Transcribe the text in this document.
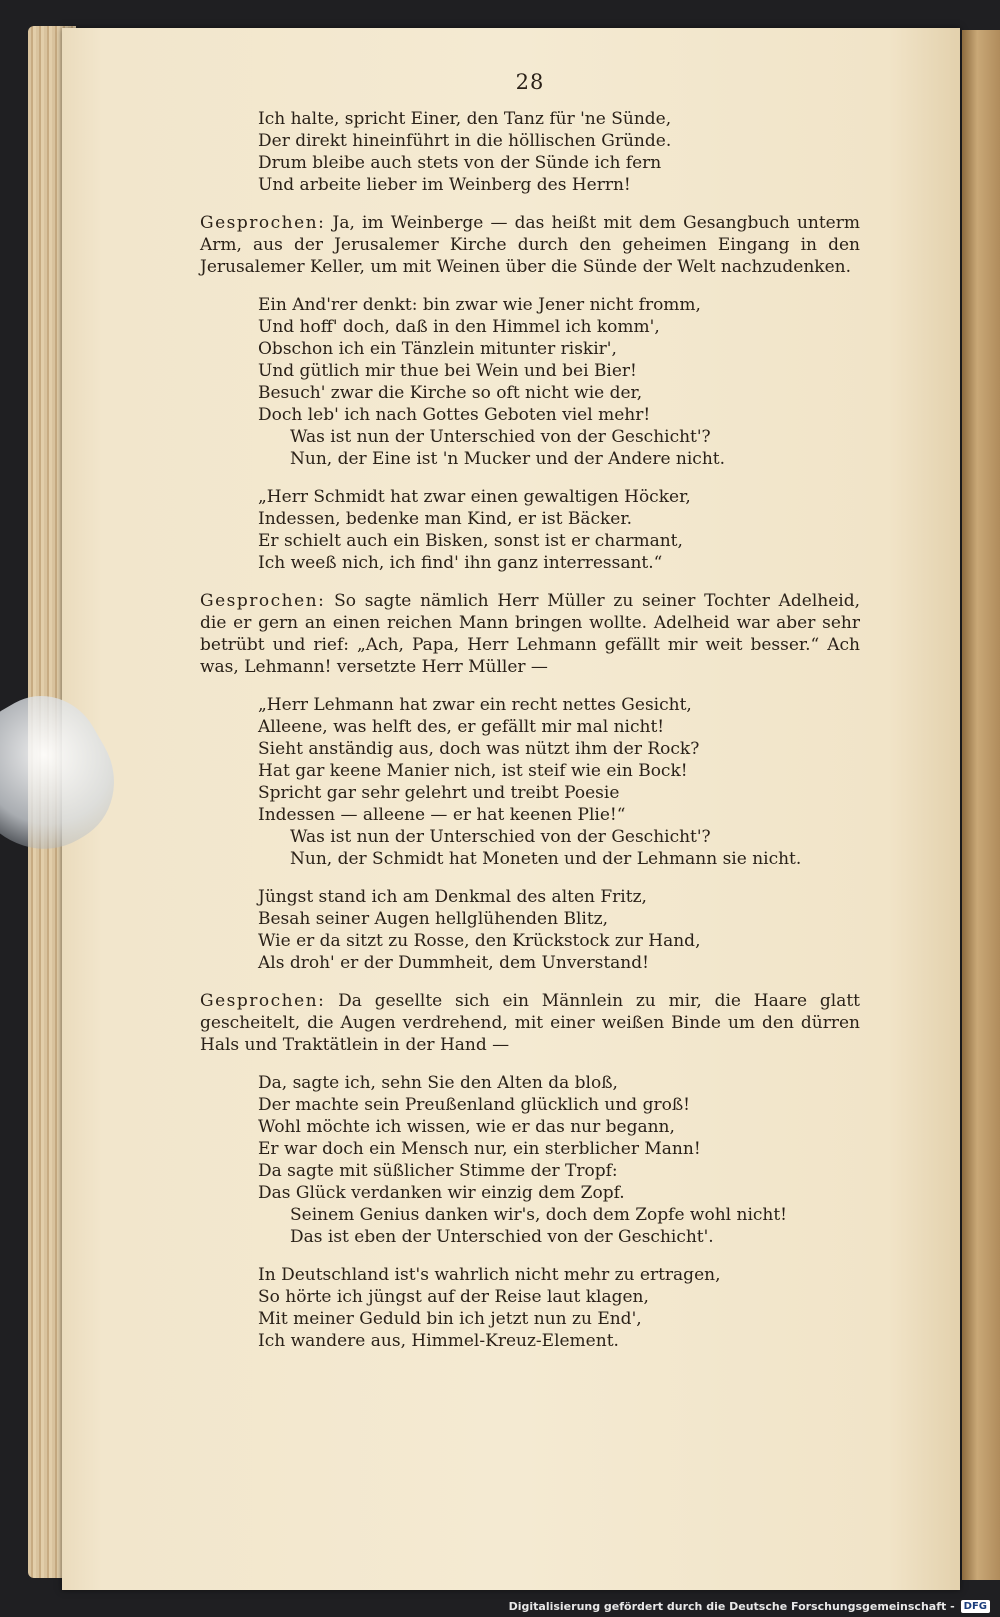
28
Ich halte, spricht Einer, den Tanz für 'ne Sünde,
Der direkt hineinführt in die höllischen Gründe.
Drum bleibe auch stets von der Sünde ich fern
Und arbeite lieber im Weinberg des Herrn!
Gesprochen: Ja, im Weinberge — das heißt mit dem Gesangbuch unterm Arm, aus der Jerusalemer Kirche durch den geheimen Eingang in den Jerusalemer Keller, um mit Weinen über die Sünde der Welt nachzudenken.
Ein And'rer denkt: bin zwar wie Jener nicht fromm,
Und hoff' doch, daß in den Himmel ich komm',
Obschon ich ein Tänzlein mitunter riskir',
Und gütlich mir thue bei Wein und bei Bier!
Besuch' zwar die Kirche so oft nicht wie der,
Doch leb' ich nach Gottes Geboten viel mehr!
Was ist nun der Unterschied von der Geschicht'?
Nun, der Eine ist 'n Mucker und der Andere nicht.
„Herr Schmidt hat zwar einen gewaltigen Höcker,
Indessen, bedenke man Kind, er ist Bäcker.
Er schielt auch ein Bisken, sonst ist er charmant,
Ich weeß nich, ich find' ihn ganz interressant.“
Gesprochen: So sagte nämlich Herr Müller zu seiner Tochter Adelheid, die er gern an einen reichen Mann bringen wollte. Adelheid war aber sehr betrübt und rief: „Ach, Papa, Herr Lehmann gefällt mir weit besser.“ Ach was, Lehmann! versetzte Herr Müller —
„Herr Lehmann hat zwar ein recht nettes Gesicht,
Alleene, was helft des, er gefällt mir mal nicht!
Sieht anständig aus, doch was nützt ihm der Rock?
Hat gar keene Manier nich, ist steif wie ein Bock!
Spricht gar sehr gelehrt und treibt Poesie
Indessen — alleene — er hat keenen Plie!“
Was ist nun der Unterschied von der Geschicht'?
Nun, der Schmidt hat Moneten und der Lehmann sie nicht.
Jüngst stand ich am Denkmal des alten Fritz,
Besah seiner Augen hellglühenden Blitz,
Wie er da sitzt zu Rosse, den Krückstock zur Hand,
Als droh' er der Dummheit, dem Unverstand!
Gesprochen: Da gesellte sich ein Männlein zu mir, die Haare glatt gescheitelt, die Augen verdrehend, mit einer weißen Binde um den dürren Hals und Traktätlein in der Hand —
Da, sagte ich, sehn Sie den Alten da bloß,
Der machte sein Preußenland glücklich und groß!
Wohl möchte ich wissen, wie er das nur begann,
Er war doch ein Mensch nur, ein sterblicher Mann!
Da sagte mit süßlicher Stimme der Tropf:
Das Glück verdanken wir einzig dem Zopf.
Seinem Genius danken wir's, doch dem Zopfe wohl nicht!
Das ist eben der Unterschied von der Geschicht'.
In Deutschland ist's wahrlich nicht mehr zu ertragen,
So hörte ich jüngst auf der Reise laut klagen,
Mit meiner Geduld bin ich jetzt nun zu End',
Ich wandere aus, Himmel-Kreuz-Element.
Digitalisierung gefördert durch die Deutsche Forschungsgemeinschaft - DFG
